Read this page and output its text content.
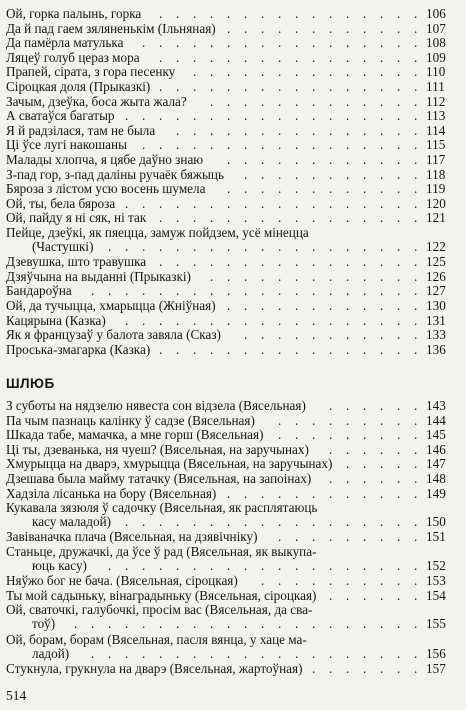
Ой, горка палынь, горка . . . . . . . . . . . . . . . . 106
Да й пад гаем зяляненькім (Ільняная) . . . . . . . . . . . . 107
Да памёрла матулька . . . . . . . . . . . . . . . . . 108
Ляцеў голуб цераз мора . . . . . . . . . . . . . . . . 109
Прапей, сірата, з гора песенку . . . . . . . . . . . . . . 110
Сіроцкая доля (Прыказкі) . . . . . . . . . . . . . . . . 111
Зачым, дзеўка, боса жыта жала? . . . . . . . . . . . . . 112
А сватаўся багатыр . . . . . . . . . . . . . . . . . . 113
Я й радзілася, там не была . . . . . . . . . . . . . . . 114
Ці ўсе лугі накошаны . . . . . . . . . . . . . . . . . 115
Малады хлопча, я цябе даўно знаю . . . . . . . . . . . . 117
З-пад гор, з-пад даліны ручаёк бяжыць . . . . . . . . . . . 118
Бяроза з лістом усю восень шумела . . . . . . . . . . . . 119
Ой, ты, бела бяроза . . . . . . . . . . . . . . . . . . 120
Ой, пайду я ні сяк, ні так . . . . . . . . . . . . . . . . 121
Пейце, дзеўкі, як пяецца, замуж пойдзем, усё мінецца
(Частушкі) . . . . . . . . . . . . . . . . . . . 122
Дзевушка, што травушка . . . . . . . . . . . . . . . . 125
Дзяўчына на выданні (Прыказкі) . . . . . . . . . . . . . 126
Бандароўна . . . . . . . . . . . . . . . . . . . . 127
Ой, да тучыцца, хмарыцца (Жніўная) . . . . . . . . . . . . 130
Кацярына (Казка) . . . . . . . . . . . . . . . . . . 131
Як я французаў у балота завяла (Сказ) . . . . . . . . . . . 133
Проська-змагарка (Казка) . . . . . . . . . . . . . . . . 136
ШЛЮБ
З суботы на нядзелю нявеста сон відзела (Вясельная) . . . . . . 143
Па чым пазнаць калінку ў садзе (Вясельная) . . . . . . . . . 144
Шкада табе, мамачка, а мне горш (Вясельная) . . . . . . . . . 145
Ці ты, дзеванька, ня чуеш? (Вясельная, на заручынах) . . . . . . 146
Хмурыцца на дварэ, хмурыцца (Вясельная, на заручынах) . . . . . 147
Дзешава была майму татачку (Вясельная, на запоінах) . . . . . . 148
Хадзіла лісанька на бору (Вясельная) . . . . . . . . . . . . 149
Кукавала зязюля ў садочку (Вясельная, як расплятаюць
касу маладой) . . . . . . . . . . . . . . . . . . 150
Завіваначка плача (Вясельная, на дзявічніку) . . . . . . . . . 151
Станьце, дружачкі, да ўсе ў рад (Вясельная, як выкупа-
юць касу) . . . . . . . . . . . . . . . . . . . 152
Няўжо бог не бача. (Вясельная, сіроцкая) . . . . . . . . . . 153
Ты мой садыньку, вінаградыньку (Вясельная, сіроцкая) . . . . . . 154
Ой, сваточкі, галубочкі, просім вас (Вясельная, да сва-
тоў) . . . . . . . . . . . . . . . . . . . . . 155
Ой, борам, борам (Вясельная, пасля вянца, у хаце ма-
ладой) . . . . . . . . . . . . . . . . . . . . 156
Стукнула, грукнула на дварэ (Вясельная, жартоўная) . . . . . . . 157
514
